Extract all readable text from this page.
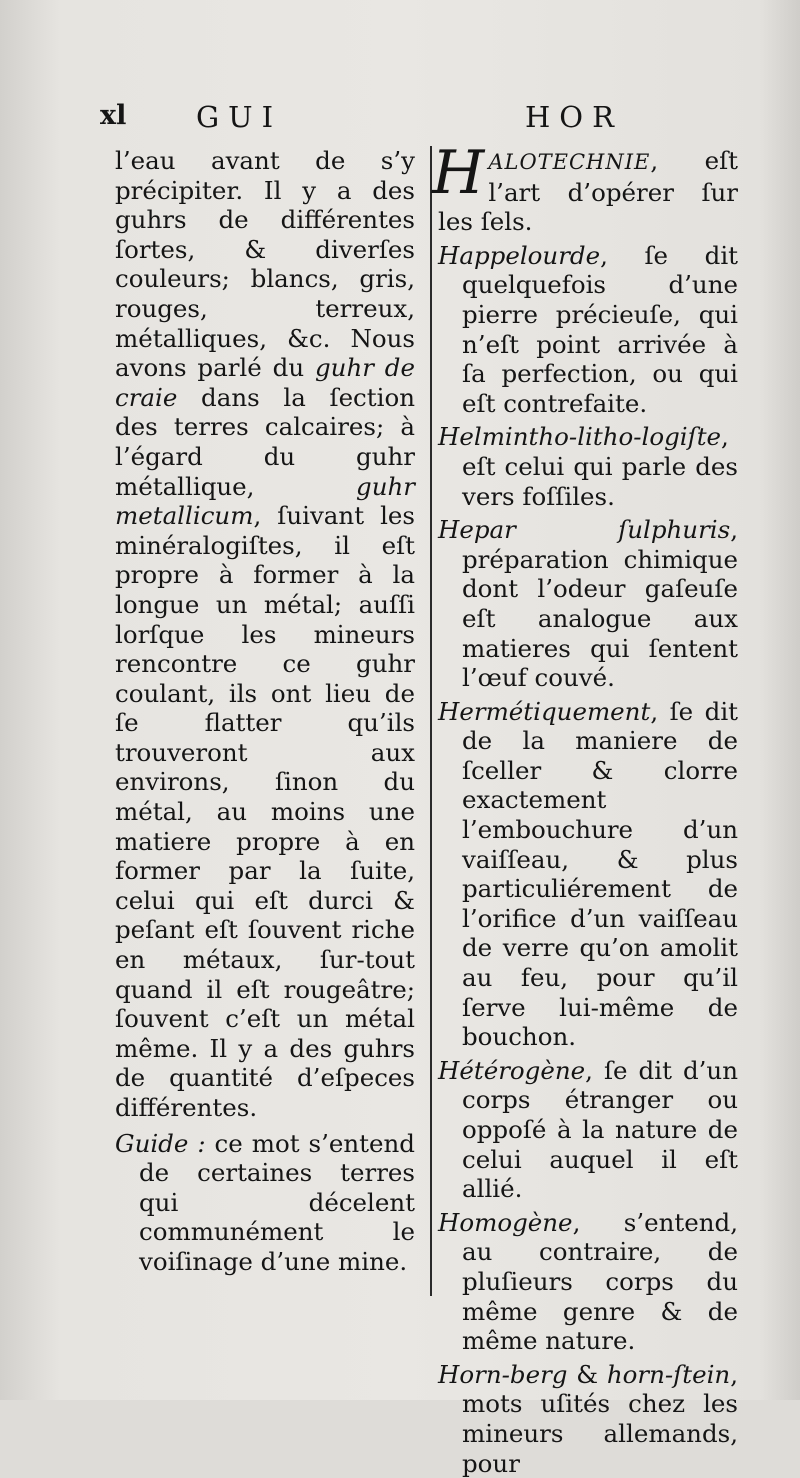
xl GUI	HOR

l’eau avant de s’y précipiter. Il y a des guhrs de différentes ſortes, & diverſes couleurs; blancs, gris, rouges, terreux, métalliques, &c. Nous avons parlé du guhr de craie dans la ſection des terres calcaires; à l’égard du guhr métallique, guhr metallicum, ſuivant les minéralogiſtes, il eſt propre à former à la longue un métal; auſſi lorſque les mineurs rencontre ce guhr coulant, ils ont lieu de ſe flatter qu’ils trouveront aux environs, ſinon du métal, au moins une matiere propre à en former par la ſuite, celui qui eſt durci & peſant eſt ſouvent riche en métaux, ſur-tout quand il eſt rougeâtre; ſouvent c’eſt un métal même. Il y a des guhrs de quantité d’eſpeces différentes.

Guide : ce mot s’entend de certaines terres qui décelent communément le voiſinage d’une mine.

HALOTECHNIE, eſt l’art d’opérer ſur les ſels.

Happelourde, ſe dit quelquefois d’une pierre précieuſe, qui n’eſt point arrivée à ſa perfection, ou qui eſt contrefaite.

Helmintho-litho-logiſte, eſt celui qui parle des vers foſſiles.

Hepar ſulphuris, préparation chimique dont l’odeur gaſeuſe eſt analogue aux matieres qui ſentent l’œuf couvé.

Hermétiquement, ſe dit de la maniere de ſceller & clorre exactement l’embouchure d’un vaiſſeau, & plus particuliérement de l’orifice d’un vaiſſeau de verre qu’on amolit au feu, pour qu’il ſerve lui-même de bouchon.

Hétérogène, ſe dit d’un corps étranger ou oppoſé à la nature de celui auquel il eſt allié.

Homogène, s’entend, au contraire, de pluſieurs corps du même genre & de même nature.

Horn-berg & horn-ſtein, mots uſités chez les mineurs allemands, pour
